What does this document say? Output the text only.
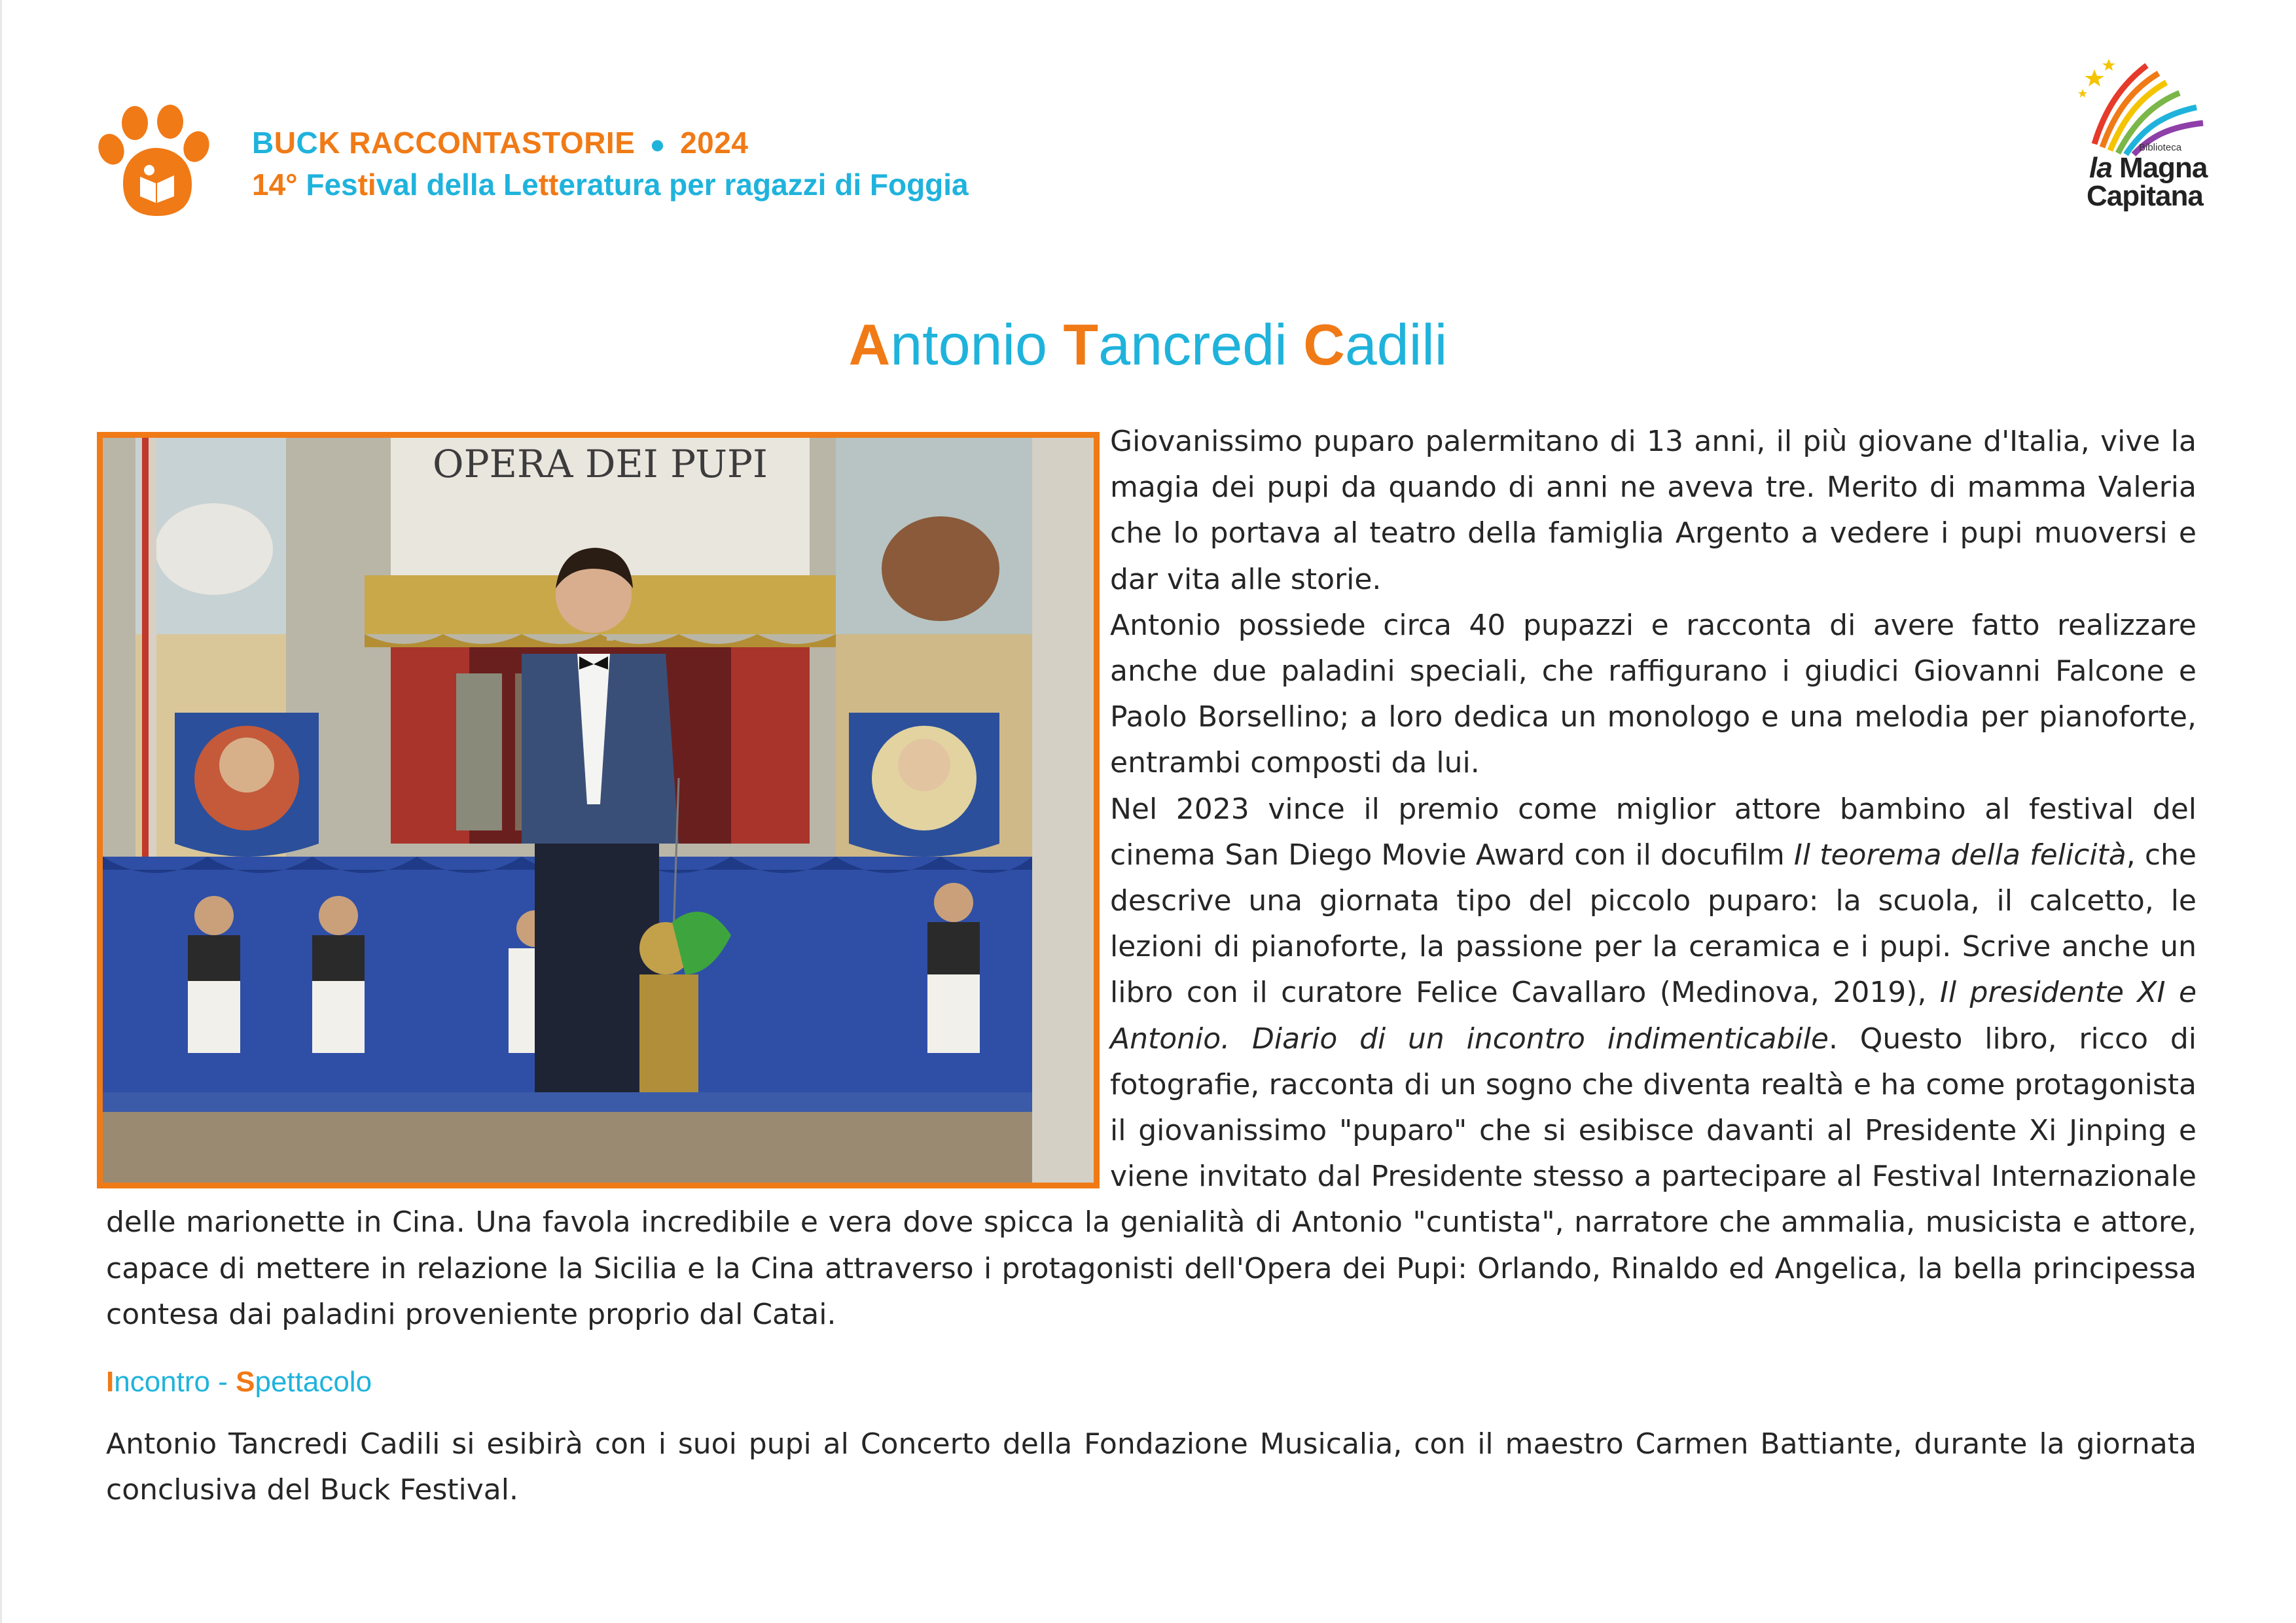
BUCK RACCONTASTORIE ● 2024
14° Festival della Letteratura per ragazzi di Foggia
Biblioteca
la Magna
Capitana
Antonio Tancredi Cadili
OPERA DEI PUPI

Giovanissimo puparo palermitano di 13 anni, il più giovane d'Italia, vive la magia dei pupi da quando di anni ne aveva tre. Merito di mamma Valeria che lo portava al teatro della famiglia Argento a vedere i pupi muoversi e dar vita alle storie.

Antonio possiede circa 40 pupazzi e racconta di avere fatto realizzare anche due paladini speciali, che raffigurano i giudici Giovanni Falcone e Paolo Borsellino; a loro dedica un monologo e una melodia per pianoforte, entrambi composti da lui.

Nel 2023 vince il premio come miglior attore bambino al festival del cinema San Diego Movie Award con il docufilm Il teorema della felicità, che descrive una giornata tipo del piccolo puparo: la scuola, il calcetto, le lezioni di pianoforte, la passione per la ceramica e i pupi. Scrive anche un libro con il curatore Felice Cavallaro (Medinova, 2019), Il presidente XI e Antonio. Diario di un incontro indimenticabile. Questo libro, ricco di fotografie, racconta di un sogno che diventa realtà e ha come protagonista il giovanissimo "puparo" che si esibisce davanti al Presidente Xi Jinping e viene invitato dal Presidente stesso a partecipare al Festival Internazionale delle marionette in Cina. Una favola incredibile e vera dove spicca la genialità di Antonio "cuntista", narratore che ammalia, musicista e attore, capace di mettere in relazione la Sicilia e la Cina attraverso i protagonisti dell'Opera dei Pupi: Orlando, Rinaldo ed Angelica, la bella principessa contesa dai paladini proveniente proprio dal Catai.

Incontro - Spettacolo
Antonio Tancredi Cadili si esibirà con i suoi pupi al Concerto della Fondazione Musicalia, con il maestro Carmen Battiante, durante la giornata conclusiva del Buck Festival.
